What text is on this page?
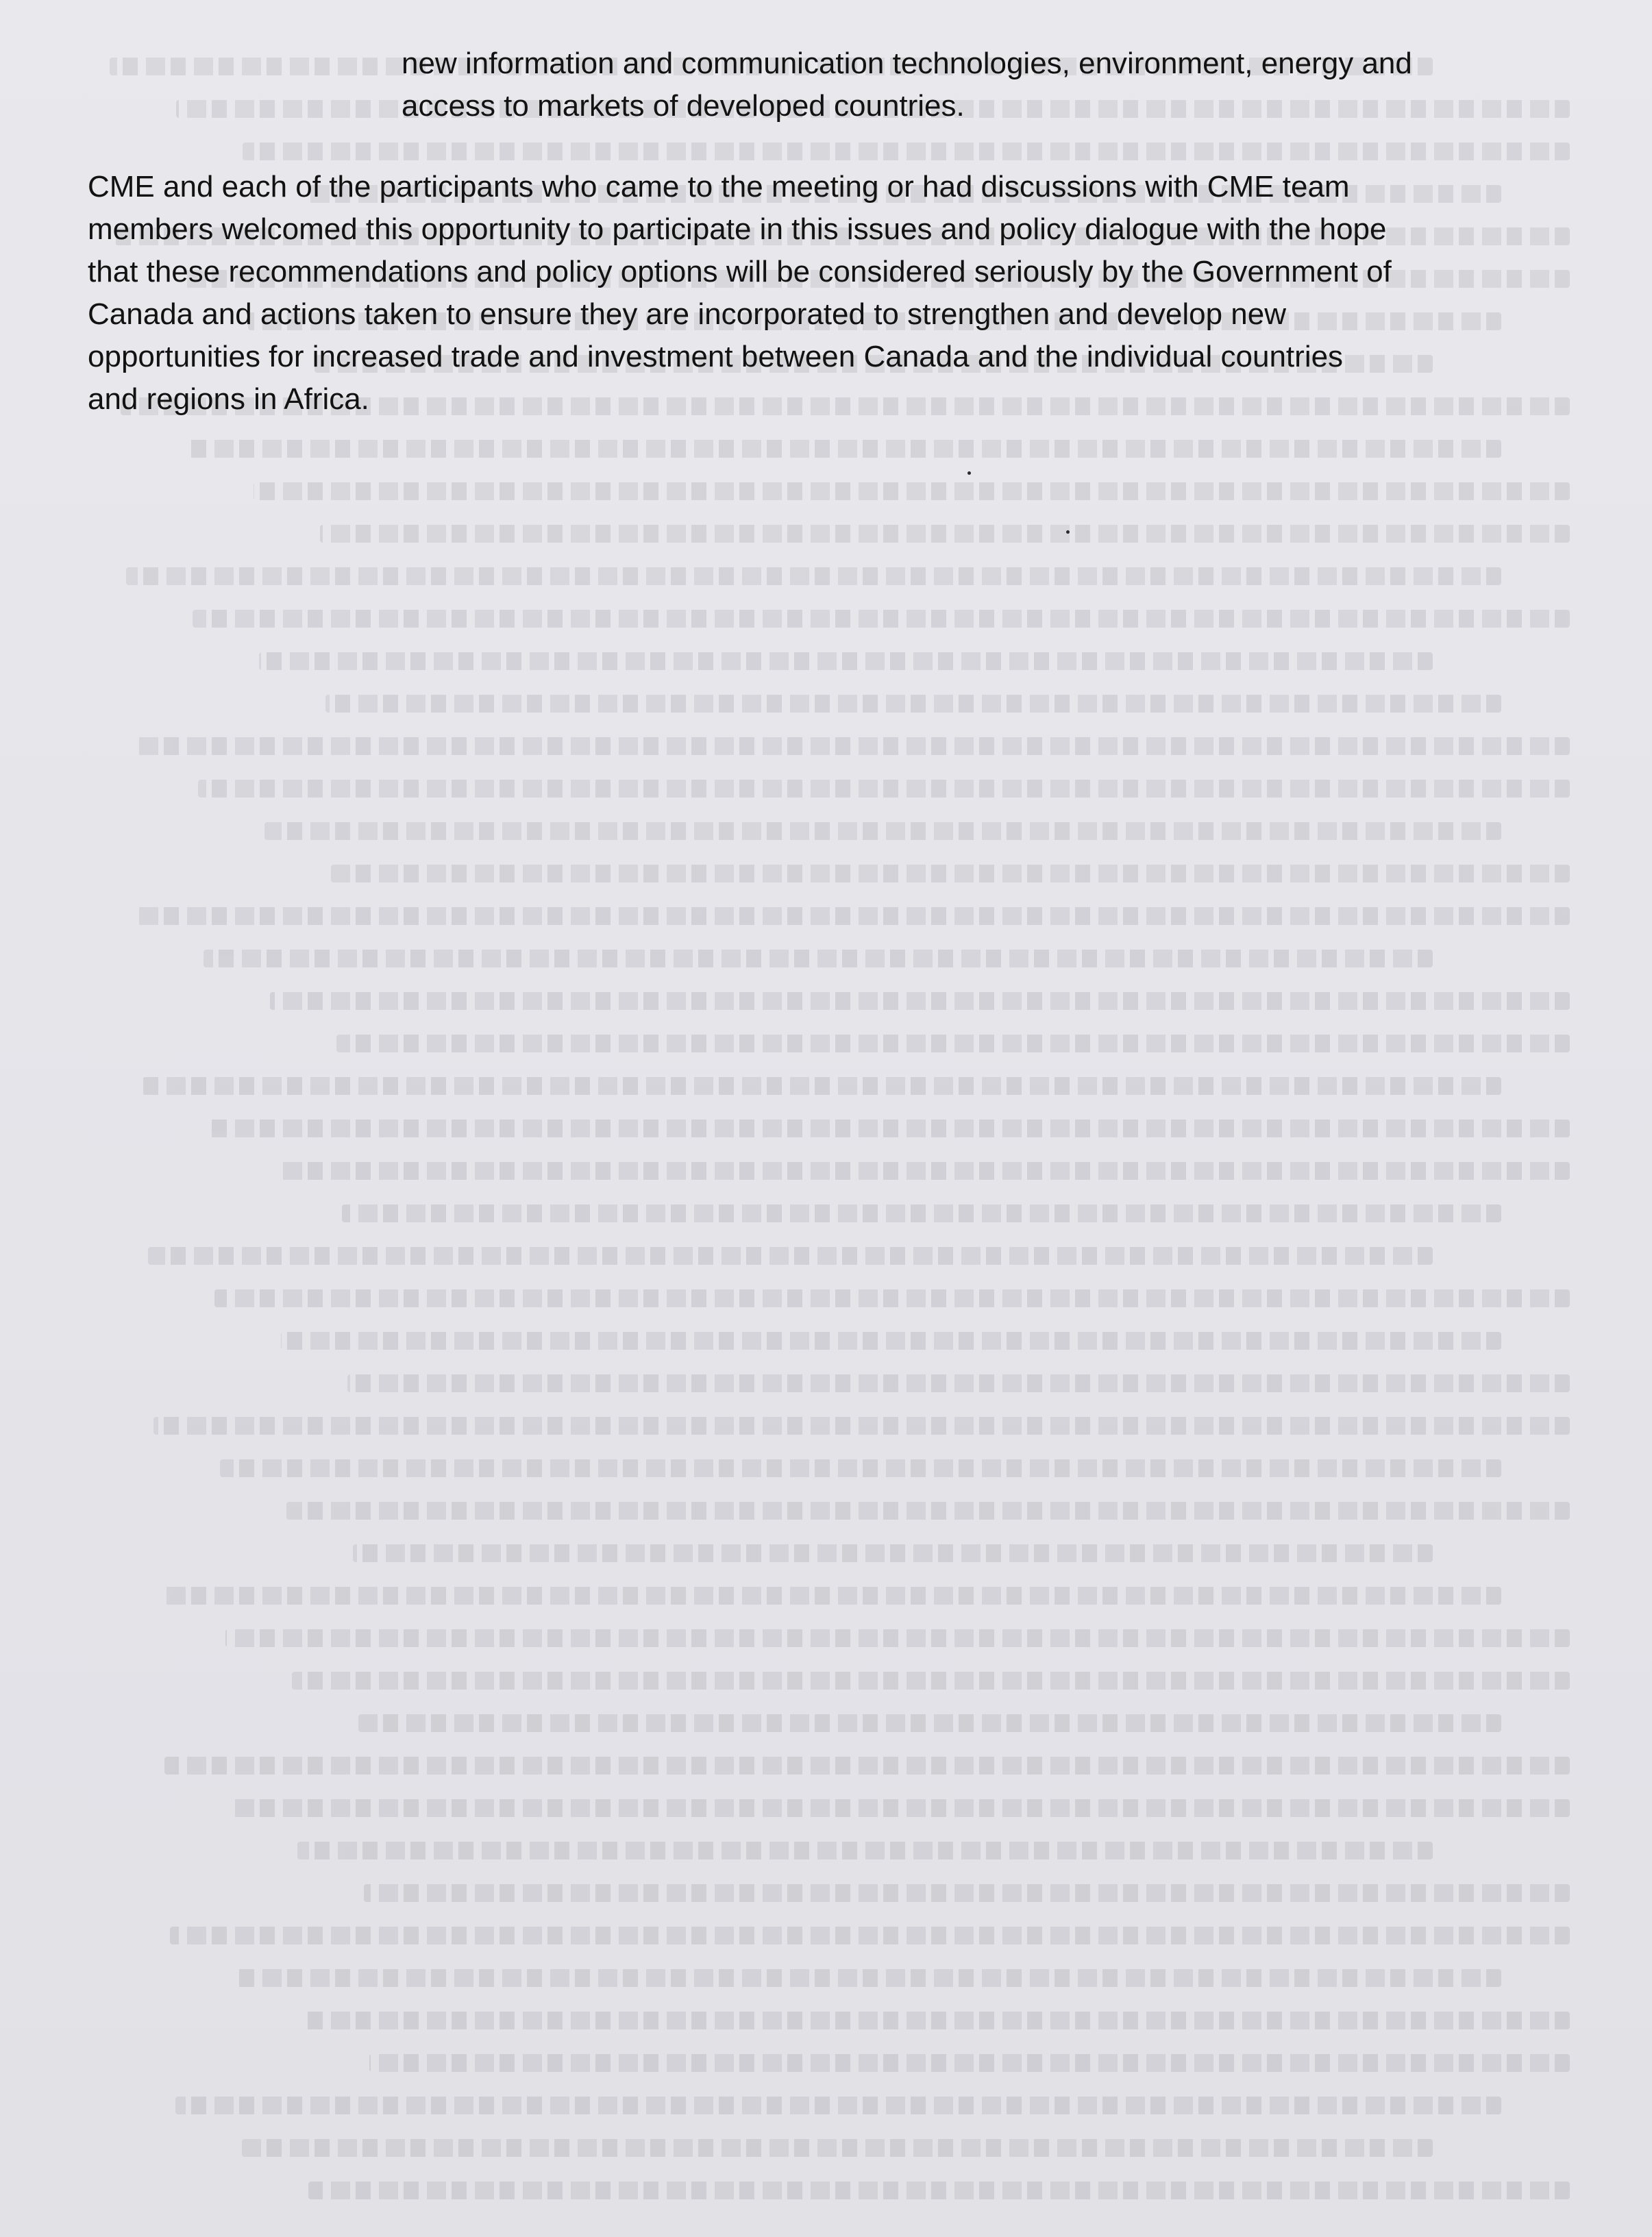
new information and communication technologies, environment, energy and
access to markets of developed countries.
CME and each of the participants who came to the meeting or had discussions with CME team
members welcomed this opportunity to participate in this issues and policy dialogue with the hope
that these recommendations and policy options will be considered seriously by the Government of
Canada and actions taken to ensure they are incorporated to strengthen and develop new
opportunities for increased trade and investment between Canada and the individual countries
and regions in Africa.
